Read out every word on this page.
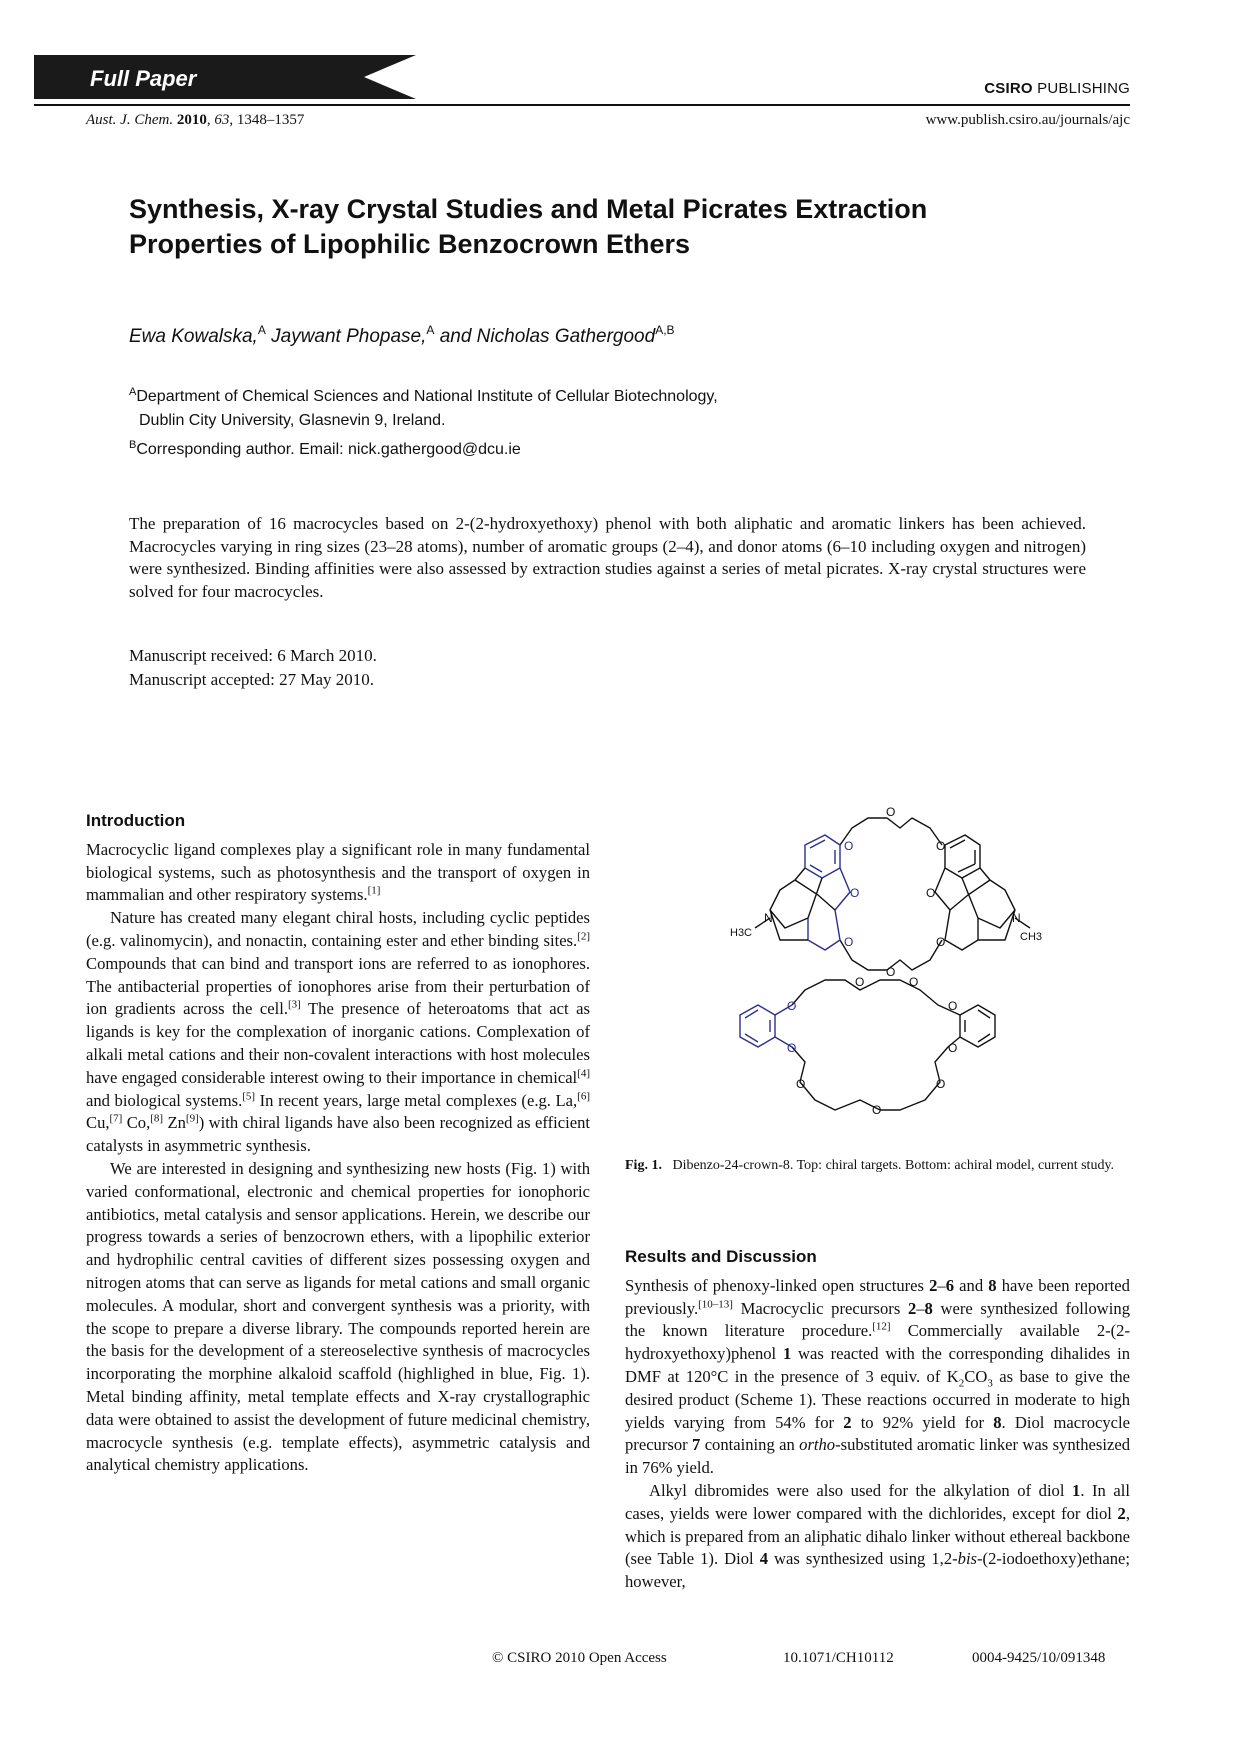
Full Paper	CSIRO PUBLISHING
Aust. J. Chem. 2010, 63, 1348–1357	www.publish.csiro.au/journals/ajc
Synthesis, X-ray Crystal Studies and Metal Picrates Extraction
Properties of Lipophilic Benzocrown Ethers
Ewa Kowalska,$^A$ Jaywant Phopase,$^A$ and Nicholas Gathergood$^{A,B}$
$^A$Department of Chemical Sciences and National Institute of Cellular Biotechnology,
Dublin City University, Glasnevin 9, Ireland.
$^B$Corresponding author. Email: nick.gathergood@dcu.ie
The preparation of 16 macrocycles based on 2-(2-hydroxyethoxy) phenol with both aliphatic and aromatic linkers has been achieved. Macrocycles varying in ring sizes (23–28 atoms), number of aromatic groups (2–4), and donor atoms (6–10 including oxygen and nitrogen) were synthesized. Binding affinities were also assessed by extraction studies against a series of metal picrates. X-ray crystal structures were solved for four macrocycles.
Manuscript received: 6 March 2010.
Manuscript accepted: 27 May 2010.
Introduction

Macrocyclic ligand complexes play a significant role in many fundamental biological systems, such as photosynthesis and the transport of oxygen in mammalian and other respiratory systems.[1]

Nature has created many elegant chiral hosts, including cyclic peptides (e.g. valinomycin), and nonactin, containing ester and ether binding sites.[2] Compounds that can bind and transport ions are referred to as ionophores. The antibacterial properties of ionophores arise from their perturbation of ion gradients across the cell.[3] The presence of heteroatoms that act as ligands is key for the complexation of inorganic cations. Complexation of alkali metal cations and their non-covalent interactions with host molecules have engaged considerable interest owing to their importance in chemical[4] and biological systems.[5] In recent years, large metal complexes (e.g. La,[6] Cu,[7] Co,[8] Zn[9]) with chiral ligands have also been recognized as efficient catalysts in asymmetric synthesis.

We are interested in designing and synthesizing new hosts (Fig. 1) with varied conformational, electronic and chemical properties for ionophoric antibiotics, metal catalysis and sensor applications. Herein, we describe our progress towards a series of benzocrown ethers, with a lipophilic exterior and hydrophilic central cavities of different sizes possessing oxygen and nitrogen atoms that can serve as ligands for metal cations and small organic molecules. A modular, short and convergent synthesis was a priority, with the scope to prepare a diverse library. The compounds reported herein are the basis for the development of a stereoselective synthesis of macrocycles incorporating the morphine alkaloid scaffold (highlighed in blue, Fig. 1). Metal binding affinity, metal template effects and X-ray crystallographic data were obtained to assist the development of future medicinal chemistry, macrocycle synthesis (e.g. template effects), asymmetric catalysis and analytical chemistry applications.

O	O
O
O
O	O
O	O
N	N
H3C	CH3
O
O
O
O
O	O
O	O
O
Fig. 1. Dibenzo-24-crown-8. Top: chiral targets. Bottom: achiral model, current study.
Results and Discussion

Synthesis of phenoxy-linked open structures 2–6 and 8 have been reported previously.[10–13] Macrocyclic precursors 2–8 were synthesized following the known literature procedure.[12] Commercially available 2-(2-hydroxyethoxy)phenol 1 was reacted with the corresponding dihalides in DMF at 120°C in the presence of 3 equiv. of $K_2CO_3$ as base to give the desired product (Scheme 1). These reactions occurred in moderate to high yields varying from 54% for 2 to 92% yield for 8. Diol macrocycle precursor 7 containing an ortho-substituted aromatic linker was synthesized in 76% yield.

Alkyl dibromides were also used for the alkylation of diol 1. In all cases, yields were lower compared with the dichlorides, except for diol 2, which is prepared from an aliphatic dihalo linker without ethereal backbone (see Table 1). Diol 4 was synthesized using 1,2-bis-(2-iodoethoxy)ethane; however,

© CSIRO 2010 Open Access	10.1071/CH10112	0004-9425/10/091348
